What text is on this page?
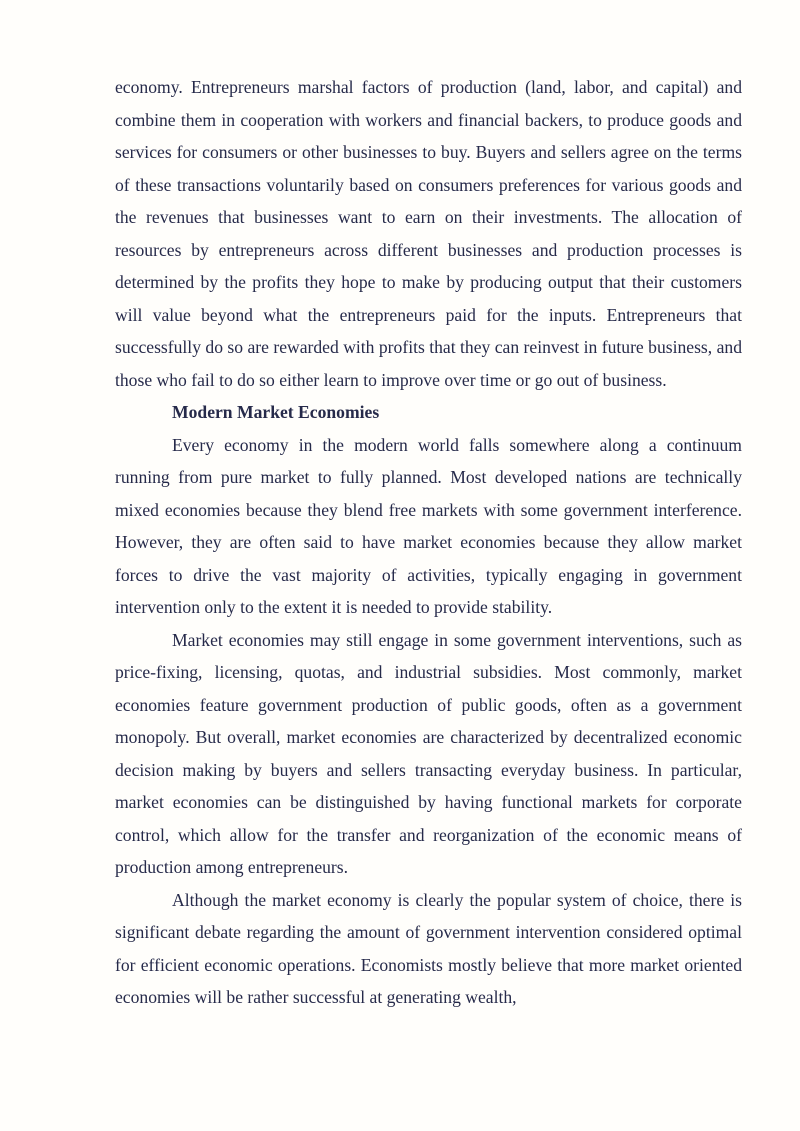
economy. Entrepreneurs marshal factors of production (land, labor, and capital) and combine them in cooperation with workers and financial backers, to produce goods and services for consumers or other businesses to buy. Buyers and sellers agree on the terms of these transactions voluntarily based on consumers preferences for various goods and the revenues that businesses want to earn on their investments. The allocation of resources by entrepreneurs across different businesses and production processes is determined by the profits they hope to make by producing output that their customers will value beyond what the entrepreneurs paid for the inputs. Entrepreneurs that successfully do so are rewarded with profits that they can reinvest in future business, and those who fail to do so either learn to improve over time or go out of business.

Modern Market Economies

Every economy in the modern world falls somewhere along a continuum running from pure market to fully planned. Most developed nations are technically mixed economies because they blend free markets with some government interference. However, they are often said to have market economies because they allow market forces to drive the vast majority of activities, typically engaging in government intervention only to the extent it is needed to provide stability.

Market economies may still engage in some government interventions, such as price-fixing, licensing, quotas, and industrial subsidies. Most commonly, market economies feature government production of public goods, often as a government monopoly. But overall, market economies are characterized by decentralized economic decision making by buyers and sellers transacting everyday business. In particular, market economies can be distinguished by having functional markets for corporate control, which allow for the transfer and reorganization of the economic means of production among entrepreneurs.

Although the market economy is clearly the popular system of choice, there is significant debate regarding the amount of government intervention considered optimal for efficient economic operations. Economists mostly believe that more market oriented economies will be rather successful at generating wealth,
